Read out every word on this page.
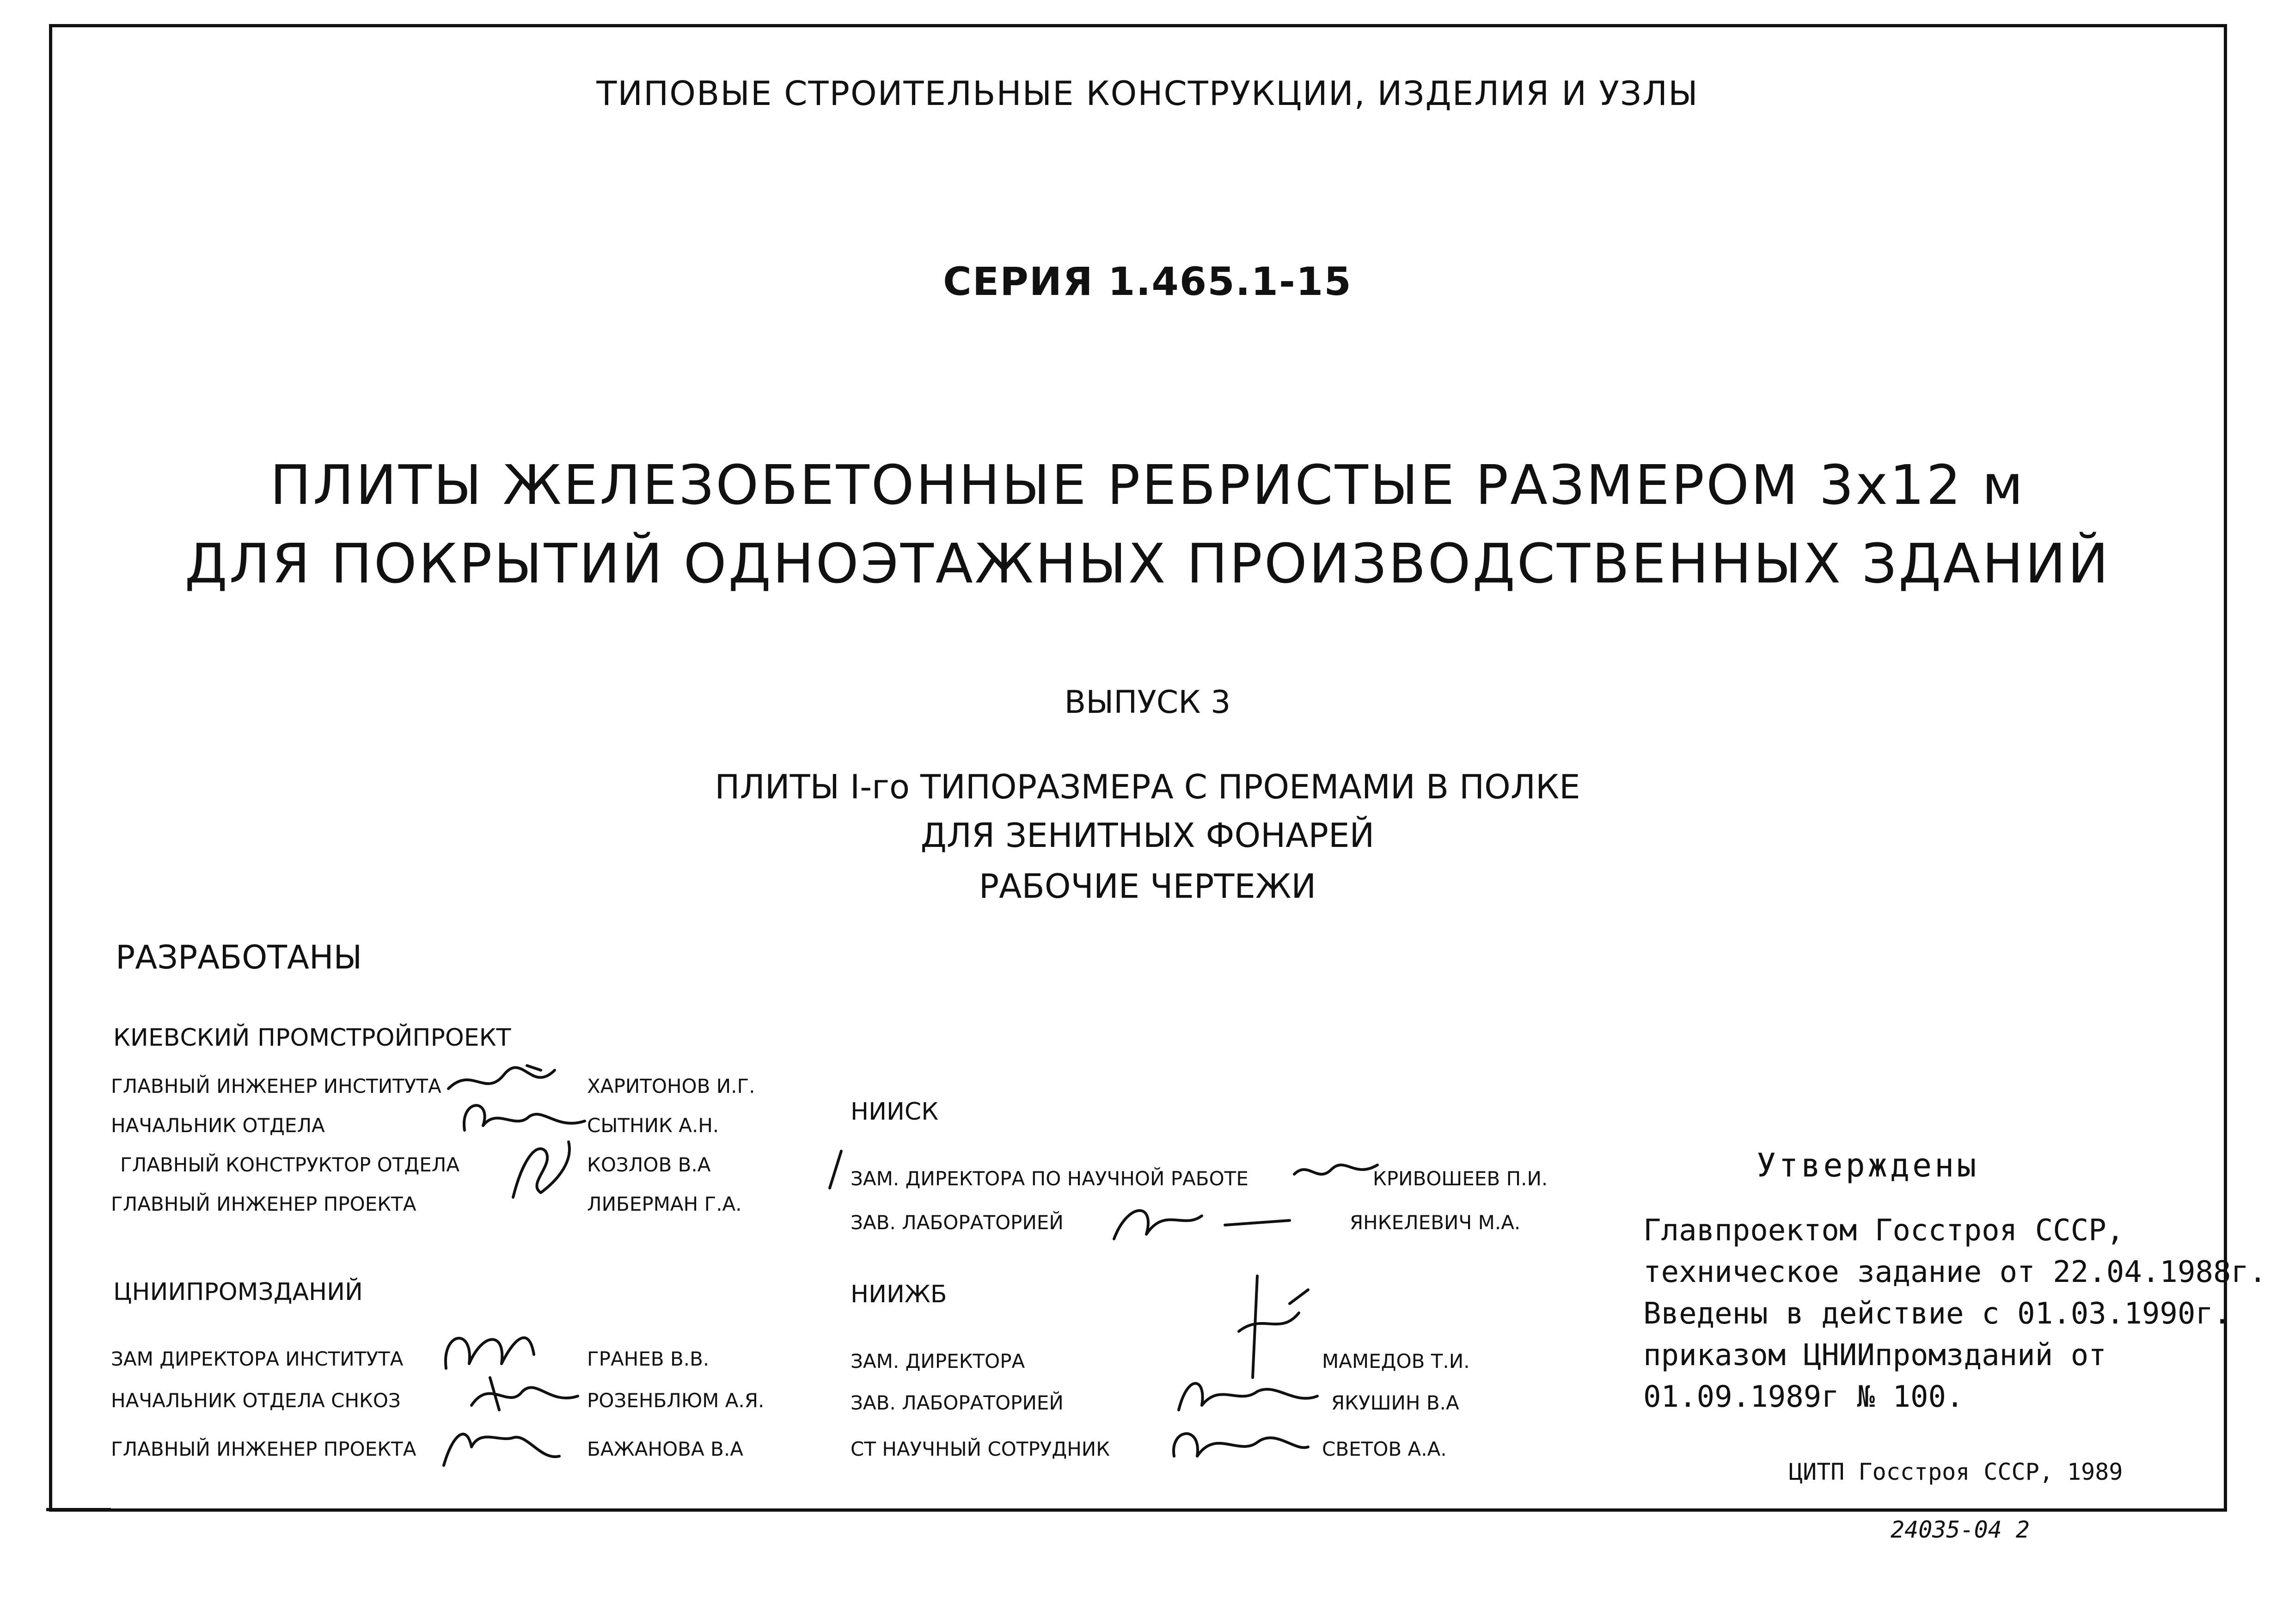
ТИПОВЫЕ СТРОИТЕЛЬНЫЕ КОНСТРУКЦИИ, ИЗДЕЛИЯ И УЗЛЫ
СЕРИЯ 1.465.1-15
ПЛИТЫ ЖЕЛЕЗОБЕТОННЫЕ РЕБРИСТЫЕ РАЗМЕРОМ 3х12 м
ДЛЯ ПОКРЫТИЙ ОДНОЭТАЖНЫХ ПРОИЗВОДСТВЕННЫХ ЗДАНИЙ
ВЫПУСК 3
ПЛИТЫ I-го ТИПОРАЗМЕРА С ПРОЕМАМИ В ПОЛКЕ
ДЛЯ ЗЕНИТНЫХ ФОНАРЕЙ
РАБОЧИЕ ЧЕРТЕЖИ
РАЗРАБОТАНЫ
КИЕВСКИЙ ПРОМСТРОЙПРОЕКТ
ГЛАВНЫЙ ИНЖЕНЕР ИНСТИТУТА	ХАРИТОНОВ И.Г.
НАЧАЛЬНИК ОТДЕЛА	СЫТНИК А.Н.
ГЛАВНЫЙ КОНСТРУКТОР ОТДЕЛА	КОЗЛОВ В.А
ГЛАВНЫЙ ИНЖЕНЕР ПРОЕКТА	ЛИБЕРМАН Г.А.
ЦНИИПРОМЗДАНИЙ
ЗАМ ДИРЕКТОРА ИНСТИТУТА	ГРАНЕВ В.В.
НАЧАЛЬНИК ОТДЕЛА СНКОЗ	РОЗЕНБЛЮМ А.Я.
ГЛАВНЫЙ ИНЖЕНЕР ПРОЕКТА	БАЖАНОВА В.А
НИИСК
ЗАМ. ДИРЕКТОРА ПО НАУЧНОЙ РАБОТЕ	КРИВОШЕЕВ П.И.
ЗАВ. ЛАБОРАТОРИЕЙ	ЯНКЕЛЕВИЧ М.А.
НИИЖБ
ЗАМ. ДИРЕКТОРА	МАМЕДОВ Т.И.
ЗАВ. ЛАБОРАТОРИЕЙ	ЯКУШИН В.А
СТ НАУЧНЫЙ СОТРУДНИК	СВЕТОВ А.А.
Утверждены
Главпроектом Госстроя СССР,
техническое задание от 22.04.1988г.
Введены в действие с 01.03.1990г.
приказом ЦНИИпромзданий от
01.09.1989г № 100.
ЦИТП Госстроя СССР, 1989
24035-04 2
